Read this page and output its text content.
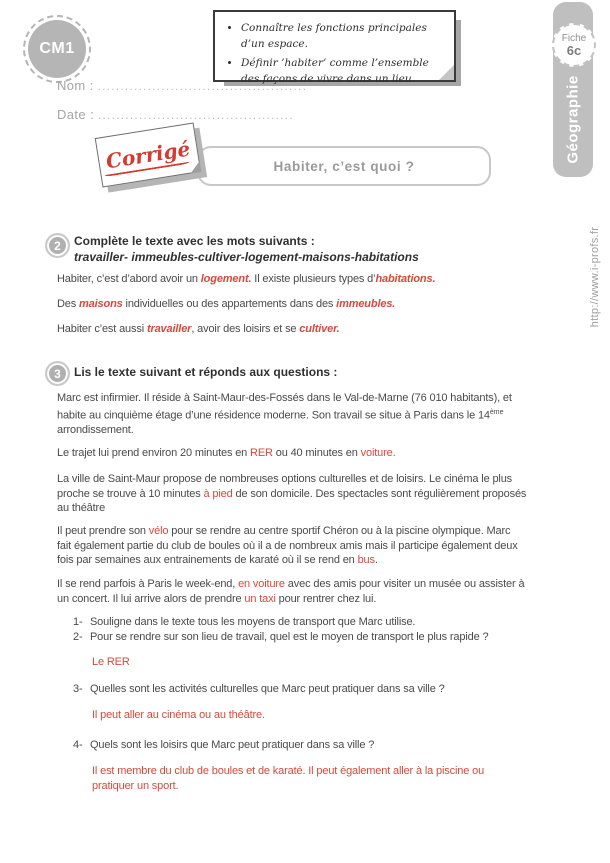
CM1
• Connaître les fonctions principales d’un espace.
• Définir ’habiter’ comme l’ensemble des façons de vivre dans un lieu.	Géographie
Fiche
6c
Nom : ..............................................
Date : ...........................................
http://www.i-profs.fr
Habiter, c’est quoi ?
Corrigé
2	Complète le texte avec les mots suivants :
travailler- immeubles-cultiver-logement-maisons-habitations
Habiter, c’est d’abord avoir un logement. Il existe plusieurs types d’habitations.
Des maisons individuelles ou des appartements dans des immeubles.
Habiter c’est aussi travailler, avoir des loisirs et se cultiver.
3	Lis le texte suivant et réponds aux questions :
Marc est infirmier. Il réside à Saint-Maur-des-Fossés dans le Val-de-Marne (76 010 habitants), et
habite au cinquième étage d’une résidence moderne. Son travail se situe à Paris dans le 14ème
arrondissement.
Le trajet lui prend environ 20 minutes en RER ou 40 minutes en voiture.
La ville de Saint-Maur propose de nombreuses options culturelles et de loisirs. Le cinéma le plus
proche se trouve à 10 minutes à pied de son domicile. Des spectacles sont régulièrement proposés
au théâtre
Il peut prendre son vélo pour se rendre au centre sportif Chéron ou à la piscine olympique. Marc
fait également partie du club de boules où il a de nombreux amis mais il participe également deux
fois par semaines aux entrainements de karaté où il se rend en bus.
Il se rend parfois à Paris le week-end, en voiture avec des amis pour visiter un musée ou assister à
un concert. Il lui arrive alors de prendre un taxi pour rentrer chez lui.
1- Souligne dans le texte tous les moyens de transport que Marc utilise.
2- Pour se rendre sur son lieu de travail, quel est le moyen de transport le plus rapide ?
Le RER
3- Quelles sont les activités culturelles que Marc peut pratiquer dans sa ville ?
Il peut aller au cinéma ou au théâtre.
4- Quels sont les loisirs que Marc peut pratiquer dans sa ville ?
Il est membre du club de boules et de karaté. Il peut également aller à la piscine ou
pratiquer un sport.
